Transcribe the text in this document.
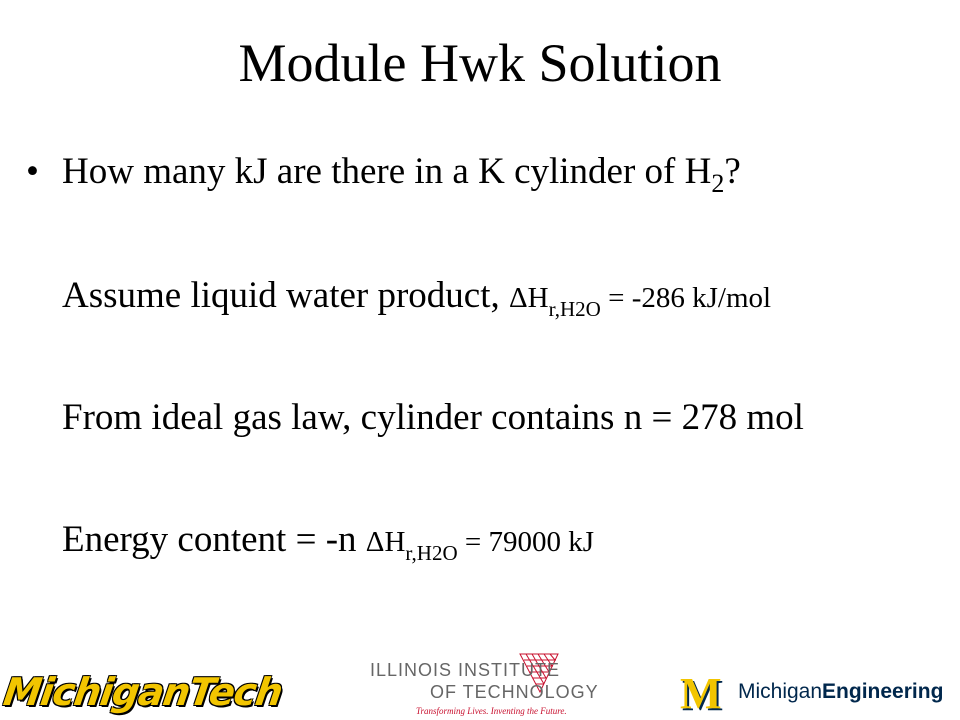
Module Hwk Solution
• How many kJ are there in a K cylinder of $H_2$?
Assume liquid water product, $\Delta H_{r,H2O} = -286$ kJ/mol
From ideal gas law, cylinder contains n = 278 mol
Energy content = -n $\Delta H_{r,H2O} = 79000$ kJ
MichiganTech	ILLINOIS INSTITUTE
OF TECHNOLOGY
Transforming Lives. Inventing the Future.	M MichiganEngineering
